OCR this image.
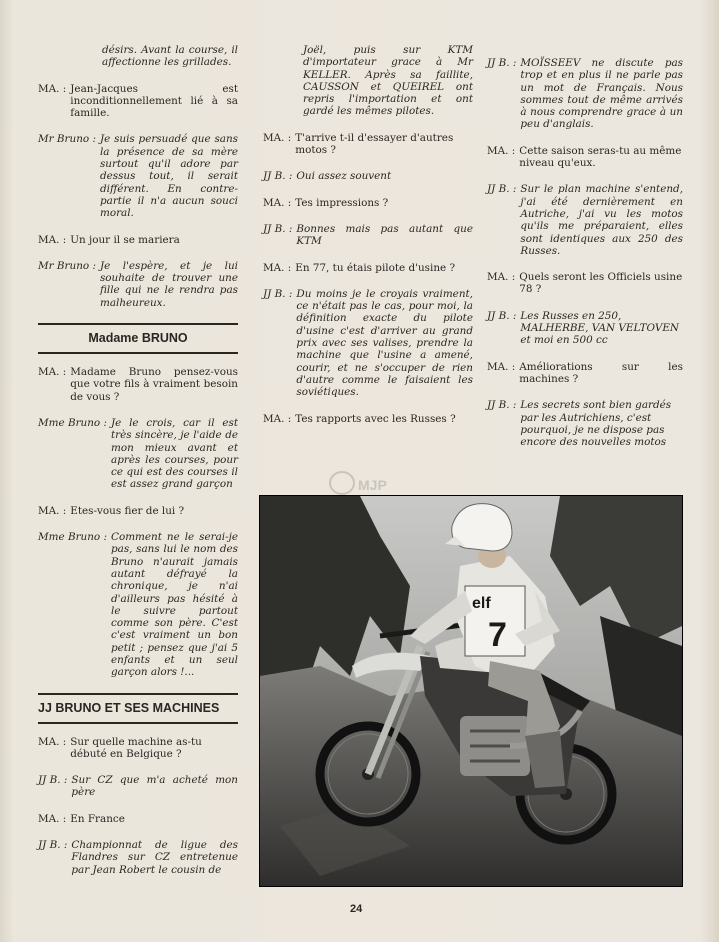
désirs. Avant la course, il affectionne les grillades.
MA. : Jean-Jacques est inconditionnellement lié à sa famille.
Mr Bruno : Je suis persuadé que sans la présence de sa mère surtout qu'il adore par dessus tout, il serait différent. En contre-partie il n'a aucun souci moral.
MA. : Un jour il se mariera
Mr Bruno : Je l'espère, et je lui souhaite de trouver une fille qui ne le rendra pas malheureux.
Madame BRUNO
MA. : Madame Bruno pensez-vous que votre fils à vraiment besoin de vous ?
Mme Bruno : Je le crois, car il est très sincère, je l'aide de mon mieux avant et après les courses, pour ce qui est des courses il est assez grand garçon
MA. : Etes-vous fier de lui ?
Mme Bruno : Comment ne le serai-je pas, sans lui le nom des Bruno n'aurait jamais autant défrayé la chronique, je n'ai d'ailleurs pas hésité à le suivre partout comme son père. C'est c'est vraiment un bon petit ; pensez que j'ai 5 enfants et un seul garçon alors !...
JJ BRUNO ET SES MACHINES
MA. : Sur quelle machine as-tu débuté en Belgique ?
JJ B. : Sur CZ que m'a acheté mon père
MA. : En France
JJ B. : Championnat de ligue des Flandres sur CZ entretenue par Jean Robert le cousin de
Joël, puis sur KTM d'importateur grace à Mr KELLER. Après sa faillite, CAUSSON et QUEIREL ont repris l'importation et ont gardé les mêmes pilotes.
MA. : T'arrive t-il d'essayer d'autres motos ?
JJ B. : Oui assez souvent
MA. : Tes impressions ?
JJ B. : Bonnes mais pas autant que KTM
MA. : En 77, tu étais pilote d'usine ?
JJ B. : Du moins je le croyais vraiment, ce n'était pas le cas, pour moi, la définition exacte du pilote d'usine c'est d'arriver au grand prix avec ses valises, prendre la machine que l'usine a amené, courir, et ne s'occuper de rien d'autre comme le faisaient les soviétiques.
MA. : Tes rapports avec les Russes ?
JJ B. : MOÏSSEEV ne discute pas trop et en plus il ne parle pas un mot de Français. Nous sommes tout de même arrivés à nous comprendre grace à un peu d'anglais.
MA. : Cette saison seras-tu au même niveau qu'eux.
JJ B. : Sur le plan machine s'entend, j'ai été dernièrement en Autriche, j'ai vu les motos qu'ils me préparaient, elles sont identiques aux 250 des Russes.
MA. : Quels seront les Officiels usine 78 ?
JJ B. : Les Russes en 250, MALHERBE, VAN VELTOVEN et moi en 500 cc
MA. : Améliorations sur les machines ?
JJ B. : Les secrets sont bien gardés par les Autrichiens, c'est pourquoi, je ne dispose pas encore des nouvelles motos
MJP
elf
7
24
